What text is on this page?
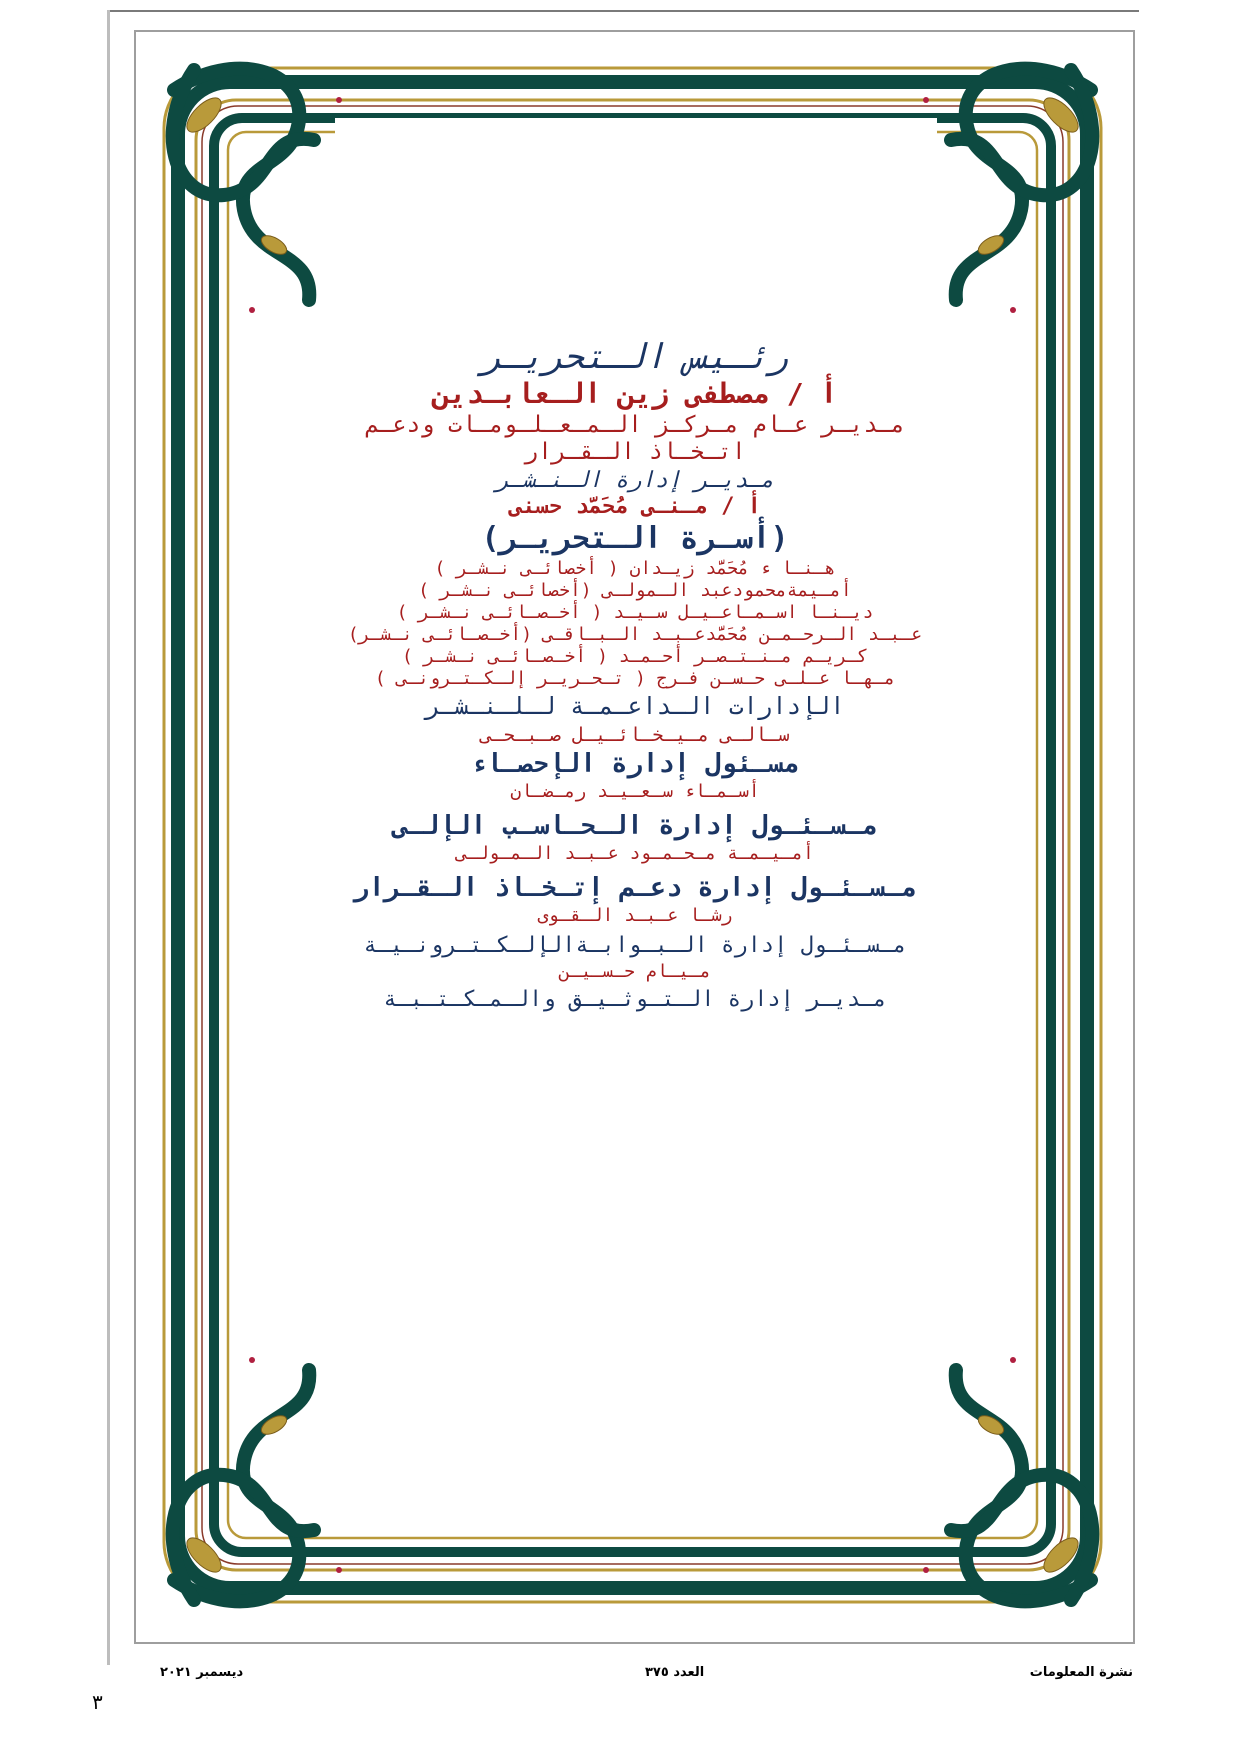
رئـيس الـتحريـر
أ / مصطفى زين الـعابـدين
مـديـر عـام مـركـز الـمـعـلـومـات ودعـم
اتـخـاذ الـقـرار
مـديـر إدارة الـنـشـر
أ / مـنـى مُحَمَّد حسنى
(أسـرة الـتحريـر)
هـنـا ء مُحَمَّد زيـدان ( أخصائـى نـشـر )
أمـيمةمحمودعبد الـمولـى (أخصائـى نـشـر )
ديـنـا اسـمـاعـيـل سـيـد ( أخـصـائـى نـشـر )
عـبـد الـرحـمـن مُحَمَّدعـبـد الـبـاقـى (أخـصـائـى نـشـر)
كـريـم مـنـتـصـر أحـمـد ( أخـصـائـى نـشـر )
مـهـا عـلـى حـسـن فـرج ( تـحـريـر إلـكـتـرونـى )
الإدارات الـداعـمـة لـلـنـشـر
سـالـى مـيـخـائـيـل صـبـحـى
مسـئول إدارة الإحصـاء
أسـمـاء سـعـيـد رمـضـان
مـسـئـول إدارة الـحـاسـب الإلـى
أمـيـمـة مـحـمـود عـبـد الـمـولـى
مـسـئـول إدارة دعـم إتـخـاذ الـقـرار
رشـا عـبـد الـقـوى
مـسـئـول إدارة الـبـوابـةالإلـكـتـرونـيـة
مـيـام حـسـيـن
مـديـر إدارة الـتـوثـيـق والـمـكـتـبـة
نشرة المعلومات
العدد ٣٧٥
ديسمبر ٢٠٢١
٣
